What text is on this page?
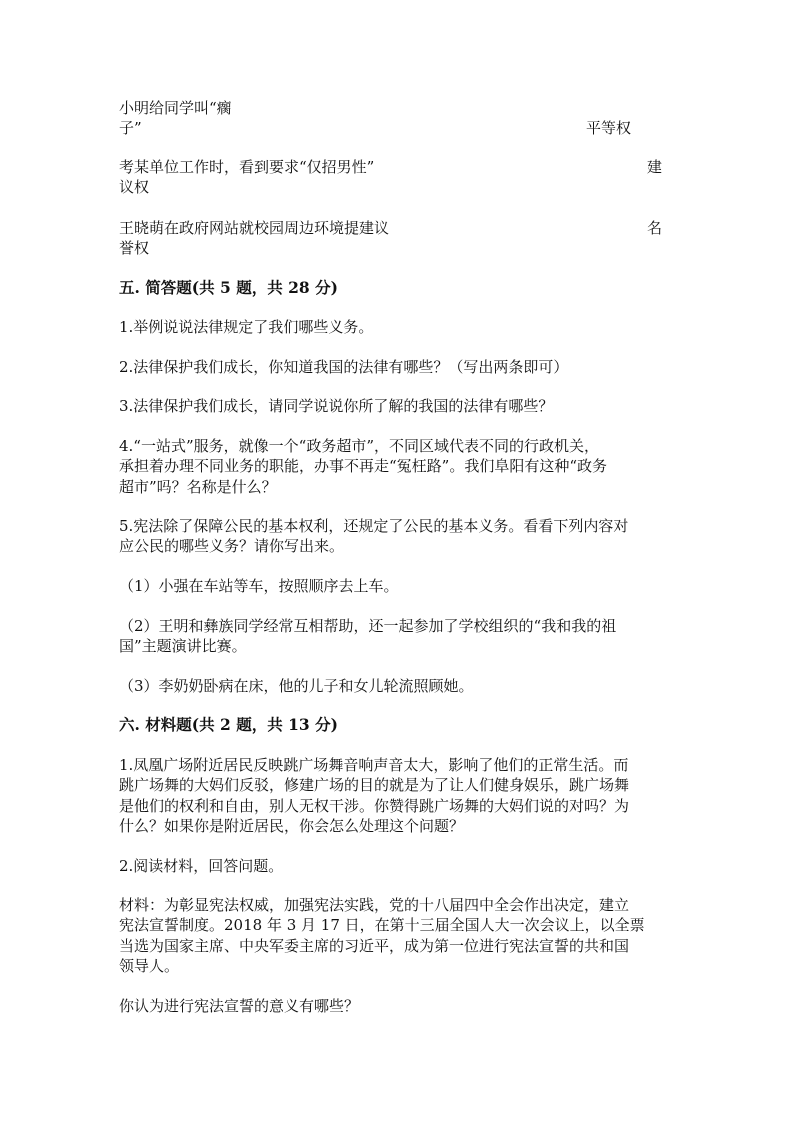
小明给同学叫“瘸
子”	平等权
考某单位工作时，看到要求“仅招男性”
议权
建
王晓萌在政府网站就校园周边环境提建议
誉权
名
五. 简答题(共 5 题，共 28 分)
1.举例说说法律规定了我们哪些义务。
2.法律保护我们成长，你知道我国的法律有哪些？（写出两条即可）
3.法律保护我们成长，请同学说说你所了解的我国的法律有哪些？
4.“一站式”服务，就像一个“政务超市”，不同区域代表不同的行政机关，
承担着办理不同业务的职能，办事不再走“冤枉路”。我们阜阳有这种“政务
超市”吗？名称是什么？
5.宪法除了保障公民的基本权利，还规定了公民的基本义务。看看下列内容对
应公民的哪些义务？请你写出来。
（1）小强在车站等车，按照顺序去上车。
（2）王明和彝族同学经常互相帮助，还一起参加了学校组织的“我和我的祖
国”主题演讲比赛。
（3）李奶奶卧病在床，他的儿子和女儿轮流照顾她。
六. 材料题(共 2 题，共 13 分)
1.凤凰广场附近居民反映跳广场舞音响声音太大，影响了他们的正常生活。而
跳广场舞的大妈们反驳，修建广场的目的就是为了让人们健身娱乐，跳广场舞
是他们的权利和自由，别人无权干涉。你赞得跳广场舞的大妈们说的对吗？为
什么？如果你是附近居民，你会怎么处理这个问题？
2.阅读材料，回答问题。
材料：为彰显宪法权威，加强宪法实践，党的十八届四中全会作出决定，建立
宪法宣誓制度。2018 年 3 月 17 日，在第十三届全国人大一次会议上，以全票
当选为国家主席、中央军委主席的习近平，成为第一位进行宪法宣誓的共和国
领导人。
你认为进行宪法宣誓的意义有哪些？
